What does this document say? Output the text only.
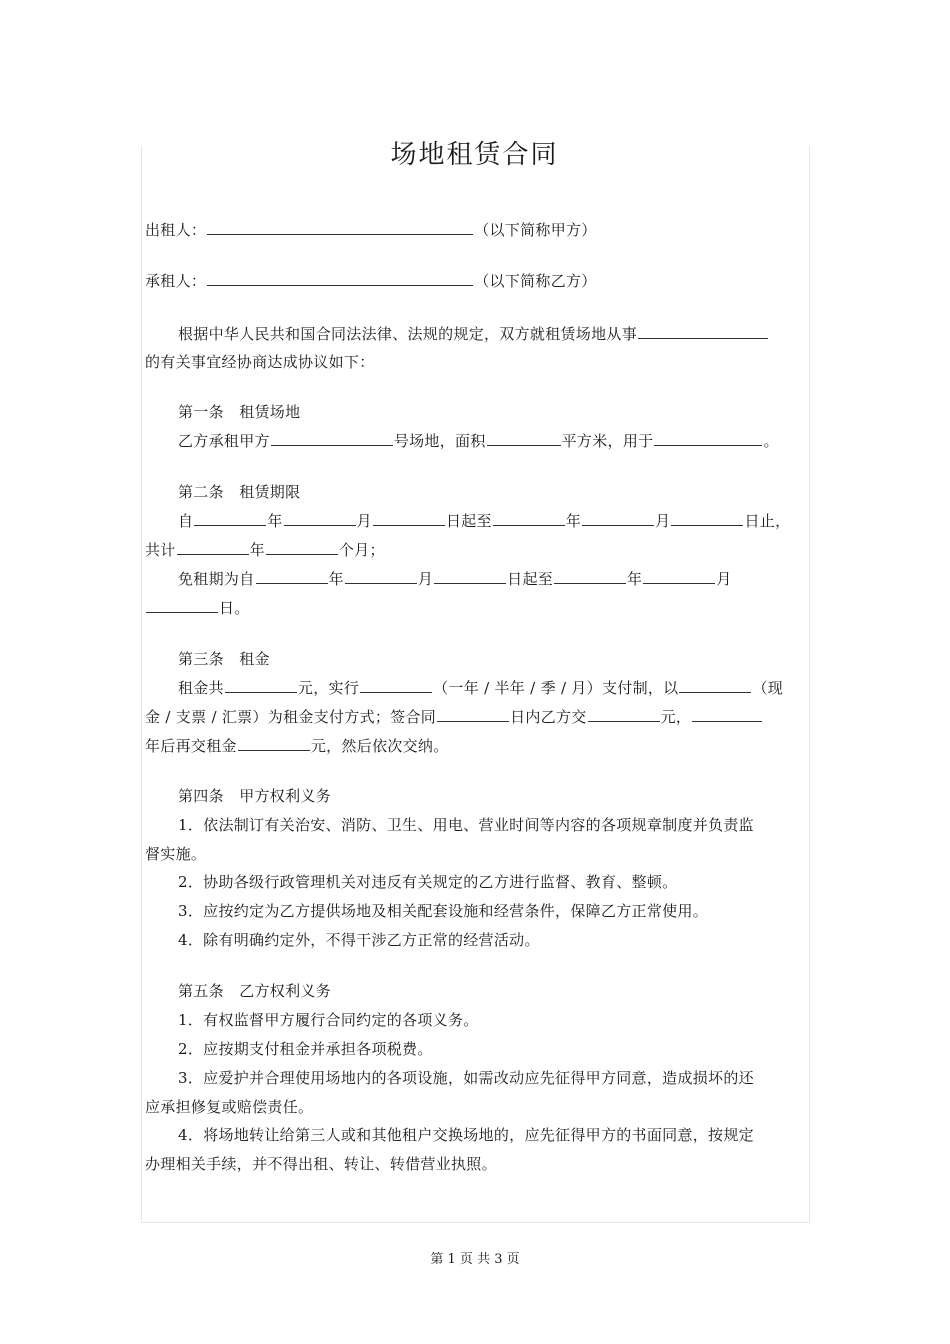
场地租赁合同
出租人：	（以下简称甲方）
承租人：	（以下简称乙方）
根据中华人民共和国合同法法律、法规的规定，双方就租赁场地从事
的有关事宜经协商达成协议如下：
第一条　租赁场地
乙方承租甲方	号场地，面积	平方米，用于	。
第二条　租赁期限
自	年	月	日起至	年	月	日止，
共计	年	个月；
免租期为自	年	月	日起至	年	月
日。
第三条　租金
租金共	元，实行	（一年 / 半年 / 季 / 月）支付制，以	（现
金 / 支票 / 汇票）为租金支付方式；签合同	日内乙方交	元，
年后再交租金	元，然后依次交纳。
第四条　甲方权利义务
1．依法制订有关治安、消防、卫生、用电、营业时间等内容的各项规章制度并负责监
督实施。
2．协助各级行政管理机关对违反有关规定的乙方进行监督、教育、整顿。
3．应按约定为乙方提供场地及相关配套设施和经营条件，保障乙方正常使用。
4．除有明确约定外，不得干涉乙方正常的经营活动。
第五条　乙方权利义务
1．有权监督甲方履行合同约定的各项义务。
2．应按期支付租金并承担各项税费。
3．应爱护并合理使用场地内的各项设施，如需改动应先征得甲方同意，造成损坏的还
应承担修复或赔偿责任。
4．将场地转让给第三人或和其他租户交换场地的，应先征得甲方的书面同意，按规定
办理相关手续，并不得出租、转让、转借营业执照。
第 1 页 共 3 页
